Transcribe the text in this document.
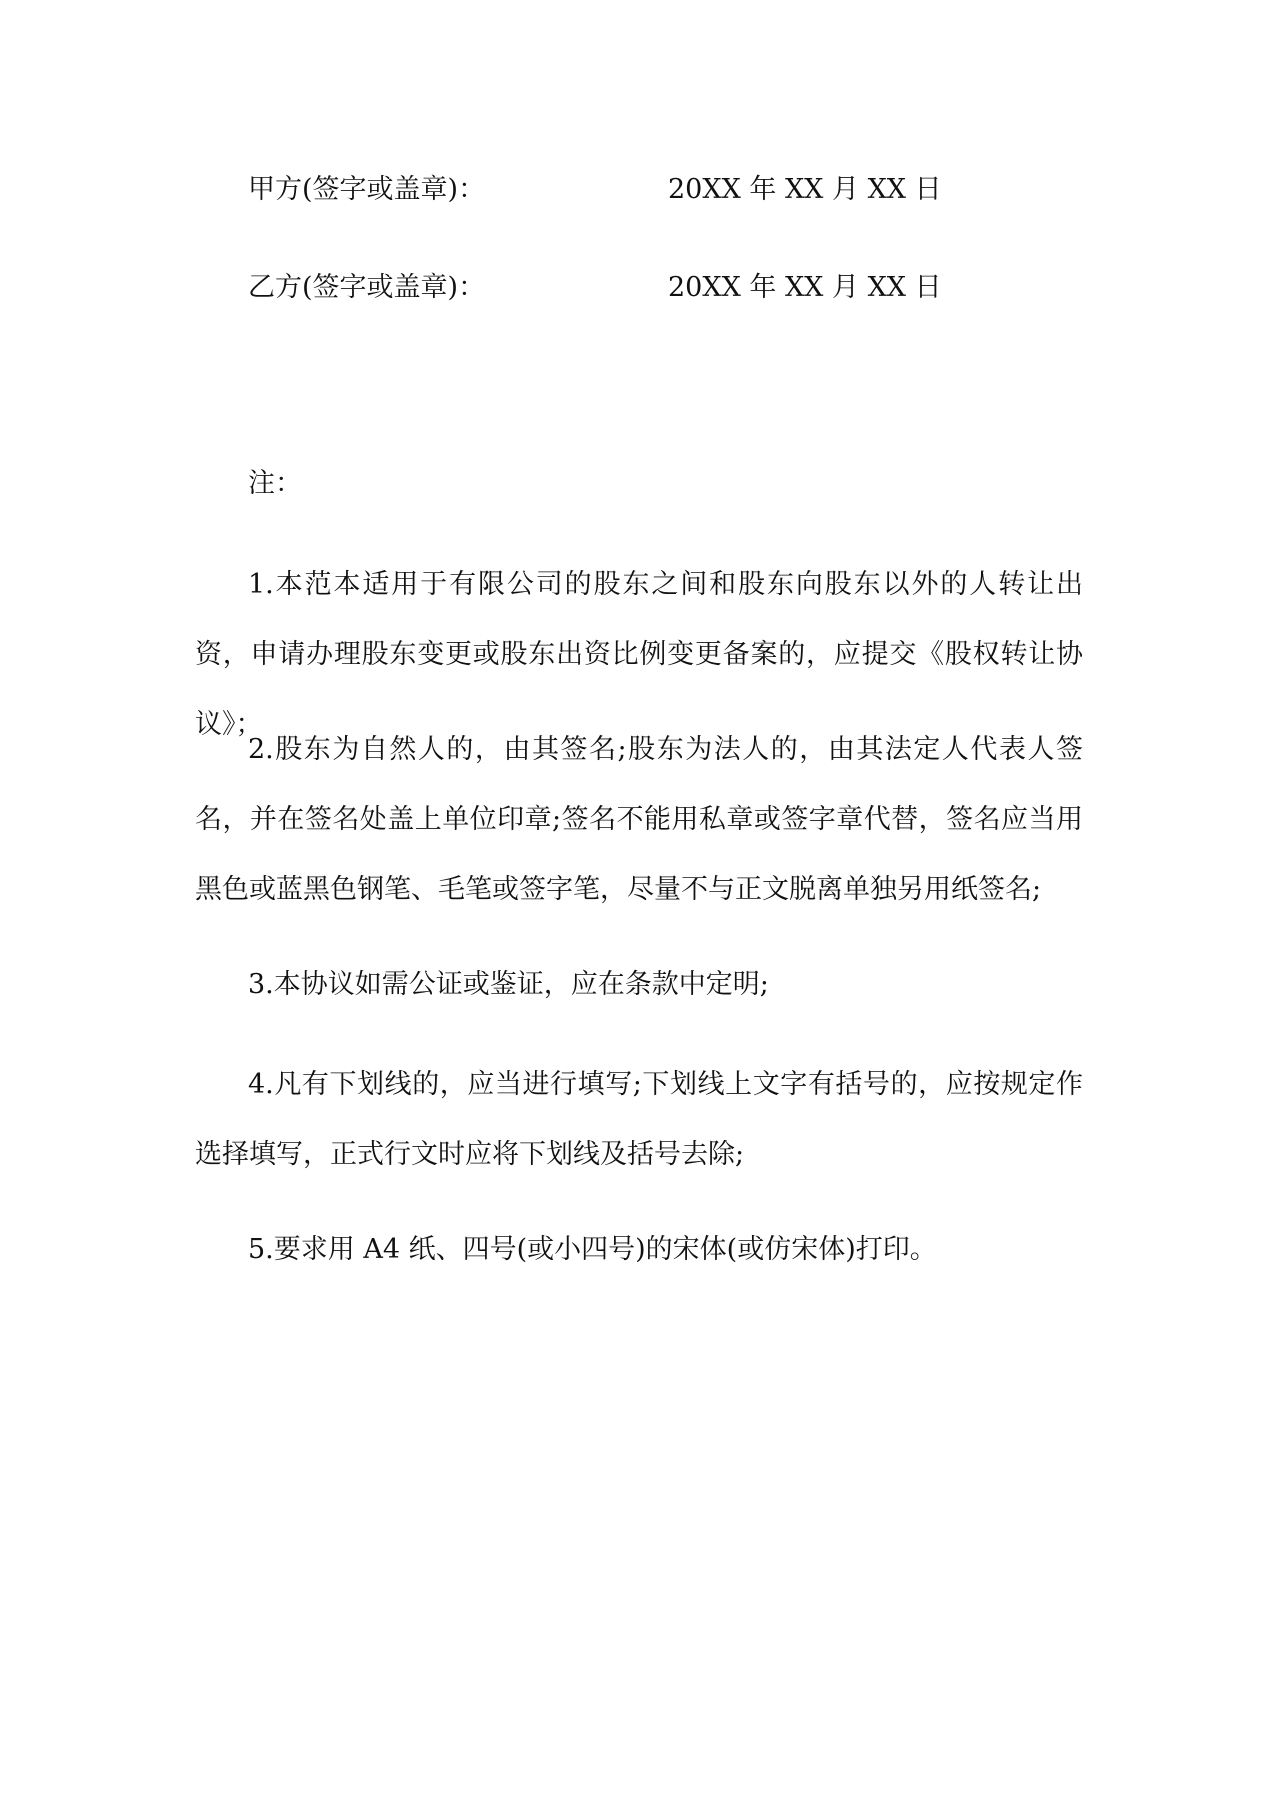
甲方(签字或盖章)：	20XX 年 XX 月 XX 日
乙方(签字或盖章)：	20XX 年 XX 月 XX 日
注：

1.本范本适用于有限公司的股东之间和股东向股东以外的人转让出资，申请办理股东变更或股东出资比例变更备案的，应提交《股权转让协议》；

2.股东为自然人的，由其签名;股东为法人的，由其法定人代表人签名，并在签名处盖上单位印章;签名不能用私章或签字章代替，签名应当用黑色或蓝黑色钢笔、毛笔或签字笔，尽量不与正文脱离单独另用纸签名;

3.本协议如需公证或鉴证，应在条款中定明;

4.凡有下划线的，应当进行填写;下划线上文字有括号的，应按规定作选择填写，正式行文时应将下划线及括号去除;

5.要求用 A4 纸、四号(或小四号)的宋体(或仿宋体)打印。
